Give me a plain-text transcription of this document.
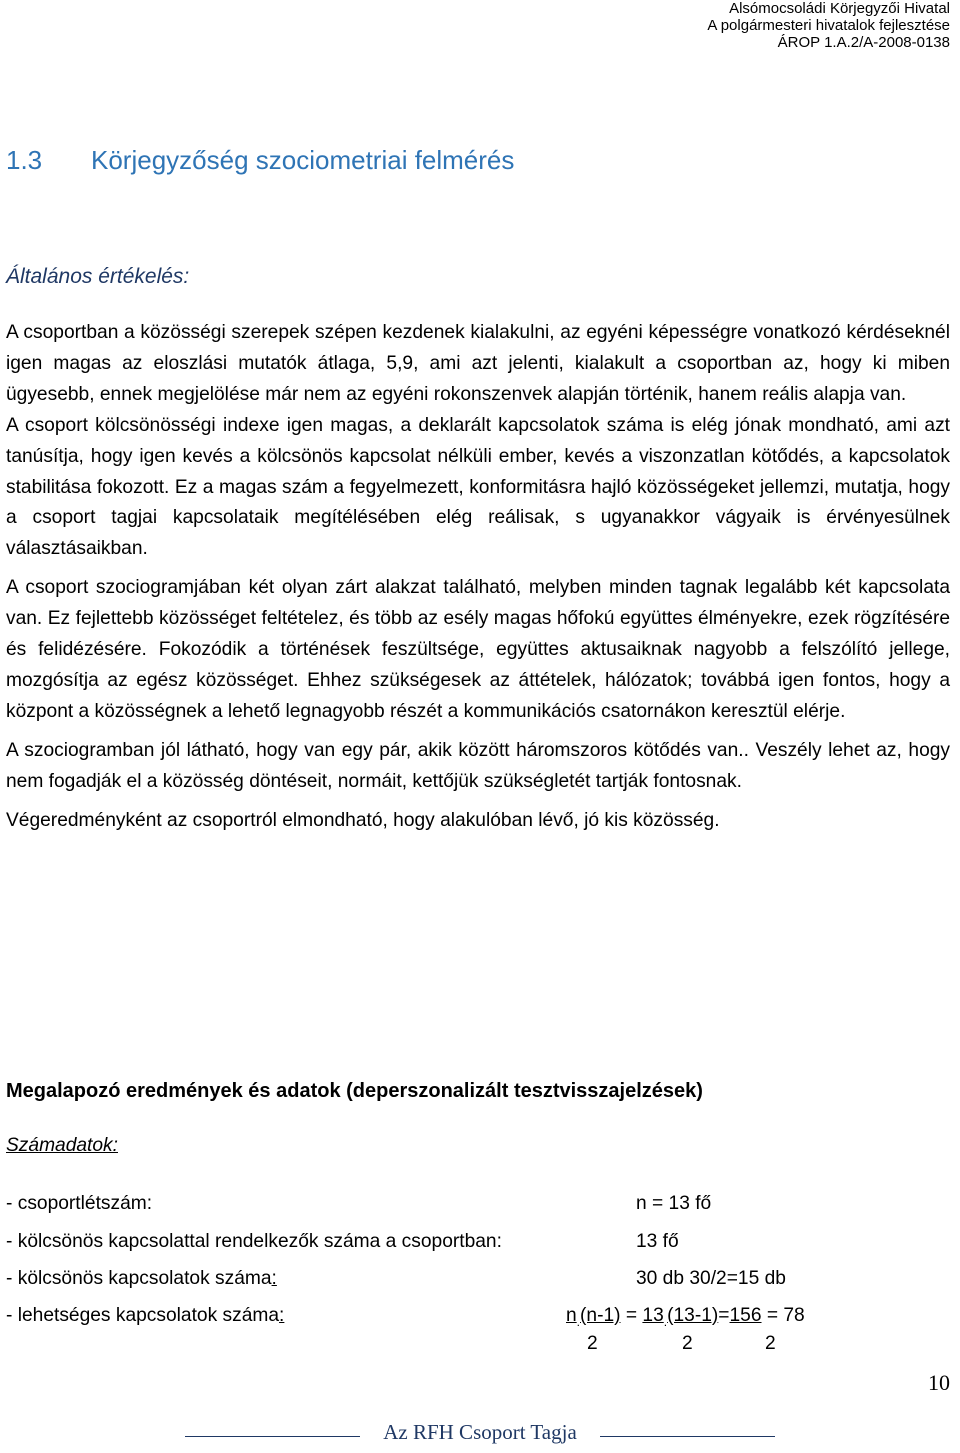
Alsómocsoládi Körjegyzői Hivatal
A polgármesteri hivatalok fejlesztése
ÁROP 1.A.2/A-2008-0138
1.3 Körjegyzőség szociometriai felmérés
Általános értékelés:

A csoportban a közösségi szerepek szépen kezdenek kialakulni, az egyéni képességre vonatkozó kérdéseknél igen magas az eloszlási mutatók átlaga, 5,9, ami azt jelenti, kialakult a csoportban az, hogy ki miben ügyesebb, ennek megjelölése már nem az egyéni rokonszenvek alapján történik, hanem reális alapja van.

A csoport kölcsönösségi indexe igen magas, a deklarált kapcsolatok száma is elég jónak mondható, ami azt tanúsítja, hogy igen kevés a kölcsönös kapcsolat nélküli ember, kevés a viszonzatlan kötődés, a kapcsolatok stabilitása fokozott. Ez a magas szám a fegyelmezett, konformitásra hajló közösségeket jellemzi, mutatja, hogy a csoport tagjai kapcsolataik megítélésében elég reálisak, s ugyanakkor vágyaik is érvényesülnek választásaikban.

A csoport szociogramjában két olyan zárt alakzat található, melyben minden tagnak legalább két kapcsolata van. Ez fejlettebb közösséget feltételez, és több az esély magas hőfokú együttes élményekre, ezek rögzítésére és felidézésére. Fokozódik a történések feszültsége, együttes aktusaiknak nagyobb a felszólító jellege, mozgósítja az egész közösséget. Ehhez szükségesek az áttételek, hálózatok; továbbá igen fontos, hogy a központ a közösségnek a lehető legnagyobb részét a kommunikációs csatornákon keresztül elérje.

A szociogramban jól látható, hogy van egy pár, akik között háromszoros kötődés van.. Veszély lehet az, hogy nem fogadják el a közösség döntéseit, normáit, kettőjük szükségletét tartják fontosnak.

Végeredményként az csoportról elmondható, hogy alakulóban lévő, jó kis közösség.

Megalapozó eredmények és adatok (deperszonalizált tesztvisszajelzések)
Számadatok:
- csoportlétszám:	n = 13 fő
- kölcsönös kapcsolattal rendelkezők száma a csoportban:	13 fő
- kölcsönös kapcsolatok száma:	30 db 30/2=15 db
- lehetséges kapcsolatok száma:	$n_.(n-1) = 13_.(13-1)=156 = 78$
2	2	2
10
Az RFH Csoport Tagja
